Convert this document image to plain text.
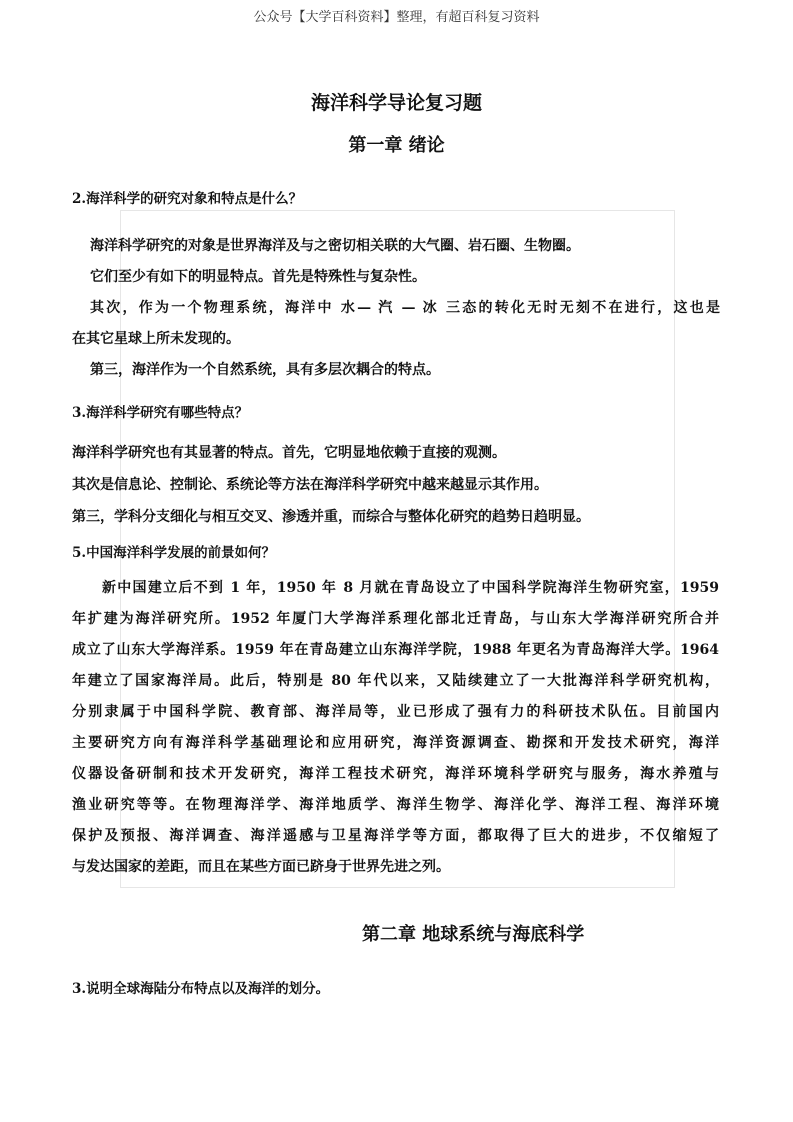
公众号【大学百科资料】整理，有超百科复习资料
海洋科学导论复习题
第一章 绪论
2.海洋科学的研究对象和特点是什么？
海洋科学研究的对象是世界海洋及与之密切相关联的大气圈、岩石圈、生物圈。
它们至少有如下的明显特点。首先是特殊性与复杂性。
其次，作为一个物理系统，海洋中 水— 汽 — 冰 三态的转化无时无刻不在进行，这也是
在其它星球上所未发现的。
第三，海洋作为一个自然系统，具有多层次耦合的特点。
3.海洋科学研究有哪些特点？
海洋科学研究也有其显著的特点。首先，它明显地依赖于直接的观测。
其次是信息论、控制论、系统论等方法在海洋科学研究中越来越显示其作用。
第三，学科分支细化与相互交叉、渗透并重，而综合与整体化研究的趋势日趋明显。
5.中国海洋科学发展的前景如何？
新中国建立后不到 1 年，1950 年 8 月就在青岛设立了中国科学院海洋生物研究室，1959
年扩建为海洋研究所。1952 年厦门大学海洋系理化部北迁青岛，与山东大学海洋研究所合并
成立了山东大学海洋系。1959 年在青岛建立山东海洋学院，1988 年更名为青岛海洋大学。1964
年建立了国家海洋局。此后，特别是 80 年代以来，又陆续建立了一大批海洋科学研究机构，
分别隶属于中国科学院、教育部、海洋局等，业已形成了强有力的科研技术队伍。目前国内
主要研究方向有海洋科学基础理论和应用研究，海洋资源调查、勘探和开发技术研究，海洋
仪器设备研制和技术开发研究，海洋工程技术研究，海洋环境科学研究与服务，海水养殖与
渔业研究等等。在物理海洋学、海洋地质学、海洋生物学、海洋化学、海洋工程、海洋环境
保护及预报、海洋调查、海洋遥感与卫星海洋学等方面，都取得了巨大的进步，不仅缩短了
与发达国家的差距，而且在某些方面已跻身于世界先进之列。
第二章 地球系统与海底科学
3.说明全球海陆分布特点以及海洋的划分。
